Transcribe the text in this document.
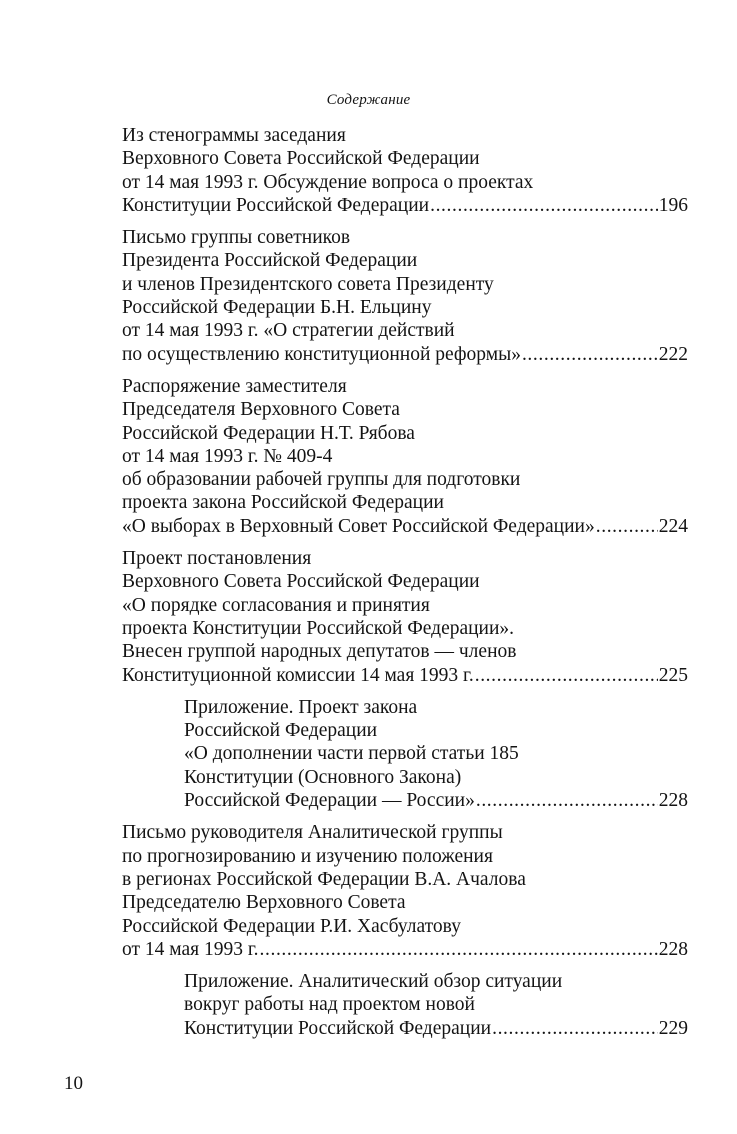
Содержание
Из стенограммы заседания
Верховного Совета Российской Федерации
от 14 мая 1993 г. Обсуждение вопроса о проектах
Конституции Российской Федерации .....	196
Письмо группы советников
Президента Российской Федерации
и членов Президентского совета Президенту
Российской Федерации Б.Н. Ельцину
от 14 мая 1993 г. «О стратегии действий
по осуществлению конституционной реформы» .....	222
Распоряжение заместителя
Председателя Верховного Совета
Российской Федерации Н.Т. Рябова
от 14 мая 1993 г. № 409-4
об образовании рабочей группы для подготовки
проекта закона Российской Федерации
«О выборах в Верховный Совет Российской Федерации» .....	224
Проект постановления
Верховного Совета Российской Федерации
«О порядке согласования и принятия
проекта Конституции Российской Федерации».
Внесен группой народных депутатов — членов
Конституционной комиссии 14 мая 1993 г. .....	225
Приложение. Проект закона
Российской Федерации
«О дополнении части первой статьи 185
Конституции (Основного Закона)
Российской Федерации — России» .....	228
Письмо руководителя Аналитической группы
по прогнозированию и изучению положения
в регионах Российской Федерации В.А. Ачалова
Председателю Верховного Совета
Российской Федерации Р.И. Хасбулатову
от 14 мая 1993 г. .....	228
Приложение. Аналитический обзор ситуации
вокруг работы над проектом новой
Конституции Российской Федерации .....	229
10
